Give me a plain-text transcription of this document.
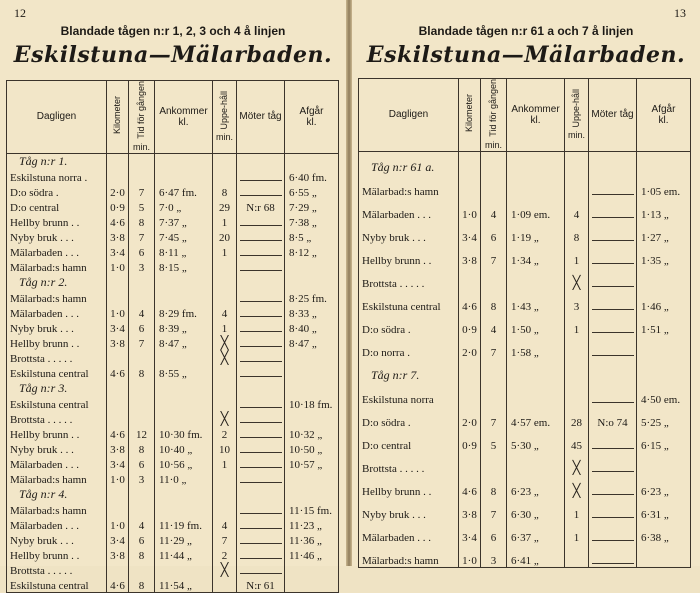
12
Blandade tågen n:r 1, 2, 3 och 4 å linjen
Eskilstuna—Mälarbaden.
Dagligen	Kilometer	Tid för gången
min.	Ankommer
kl.	Uppe-håll
min.	Möter tåg	Afgår
kl.
Tåg n:r 1.						
Eskilstuna norra .						6·40 fm.
D:o södra .	2·0	7	6·47 fm.	8		6·55 „
D:o central	0·9	5	7·0 „	29	N:r 68	7·29 „
Hellby brunn . .	4·6	8	7·37 „	1		7·38 „
Nyby bruk . . .	3·8	7	7·45 „	20		8·5 „
Mälarbaden . . .	3·4	6	8·11 „	1		8·12 „
Mälarbad:s hamn	1·0	3	8·15 „			
Tåg n:r 2.						
Mälarbad:s hamn						8·25 fm.
Mälarbaden . . .	1·0	4	8·29 fm.	4		8·33 „
Nyby bruk . . .	3·4	6	8·39 „	1		8·40 „
Hellby brunn . .	3·8	7	8·47 „	╳		8·47 „
Brottsta . . . . .				╳		
Eskilstuna central	4·6	8	8·55 „			
Tåg n:r 3.						
Eskilstuna central						10·18 fm.
Brottsta . . . . .				╳		
Hellby brunn . .	4·6	12	10·30 fm.	2		10·32 „
Nyby bruk . . .	3·8	8	10·40 „	10		10·50 „
Mälarbaden . . .	3·4	6	10·56 „	1		10·57 „
Mälarbad:s hamn	1·0	3	11·0 „			
Tåg n:r 4.						
Mälarbad:s hamn						11·15 fm.
Mälarbaden . . .	1·0	4	11·19 fm.	4		11·23 „
Nyby bruk . . .	3·4	6	11·29 „	7		11·36 „
Hellby brunn . .	3·8	8	11·44 „	2		11·46 „
Brottsta . . . . .				╳		
Eskilstuna central	4·6	8	11·54 „		N:r 61	
13
Blandade tågen n:r 61 a och 7 å linjen
Eskilstuna—Mälarbaden.
Dagligen	Kilometer	Tid för gången
min.	Ankommer
kl.	Uppe-håll
min.	Möter tåg	Afgår
kl.
Tåg n:r 61 a.						
Mälarbad:s hamn						1·05 em.
Mälarbaden . . .	1·0	4	1·09 em.	4		1·13 „
Nyby bruk . . .	3·4	6	1·19 „	8		1·27 „
Hellby brunn . .	3·8	7	1·34 „	1		1·35 „
Brottsta . . . . .				╳		
Eskilstuna central	4·6	8	1·43 „	3		1·46 „
D:o södra .	0·9	4	1·50 „	1		1·51 „
D:o norra .	2·0	7	1·58 „			
Tåg n:r 7.						
Eskilstuna norra						4·50 em.
D:o södra .	2·0	7	4·57 em.	28	N:o 74	5·25 „
D:o central	0·9	5	5·30 „	45		6·15 „
Brottsta . . . . .				╳		
Hellby brunn . .	4·6	8	6·23 „	╳		6·23 „
Nyby bruk . . .	3·8	7	6·30 „	1		6·31 „
Mälarbaden . . .	3·4	6	6·37 „	1		6·38 „
Mälarbad:s hamn	1·0	3	6·41 „			
